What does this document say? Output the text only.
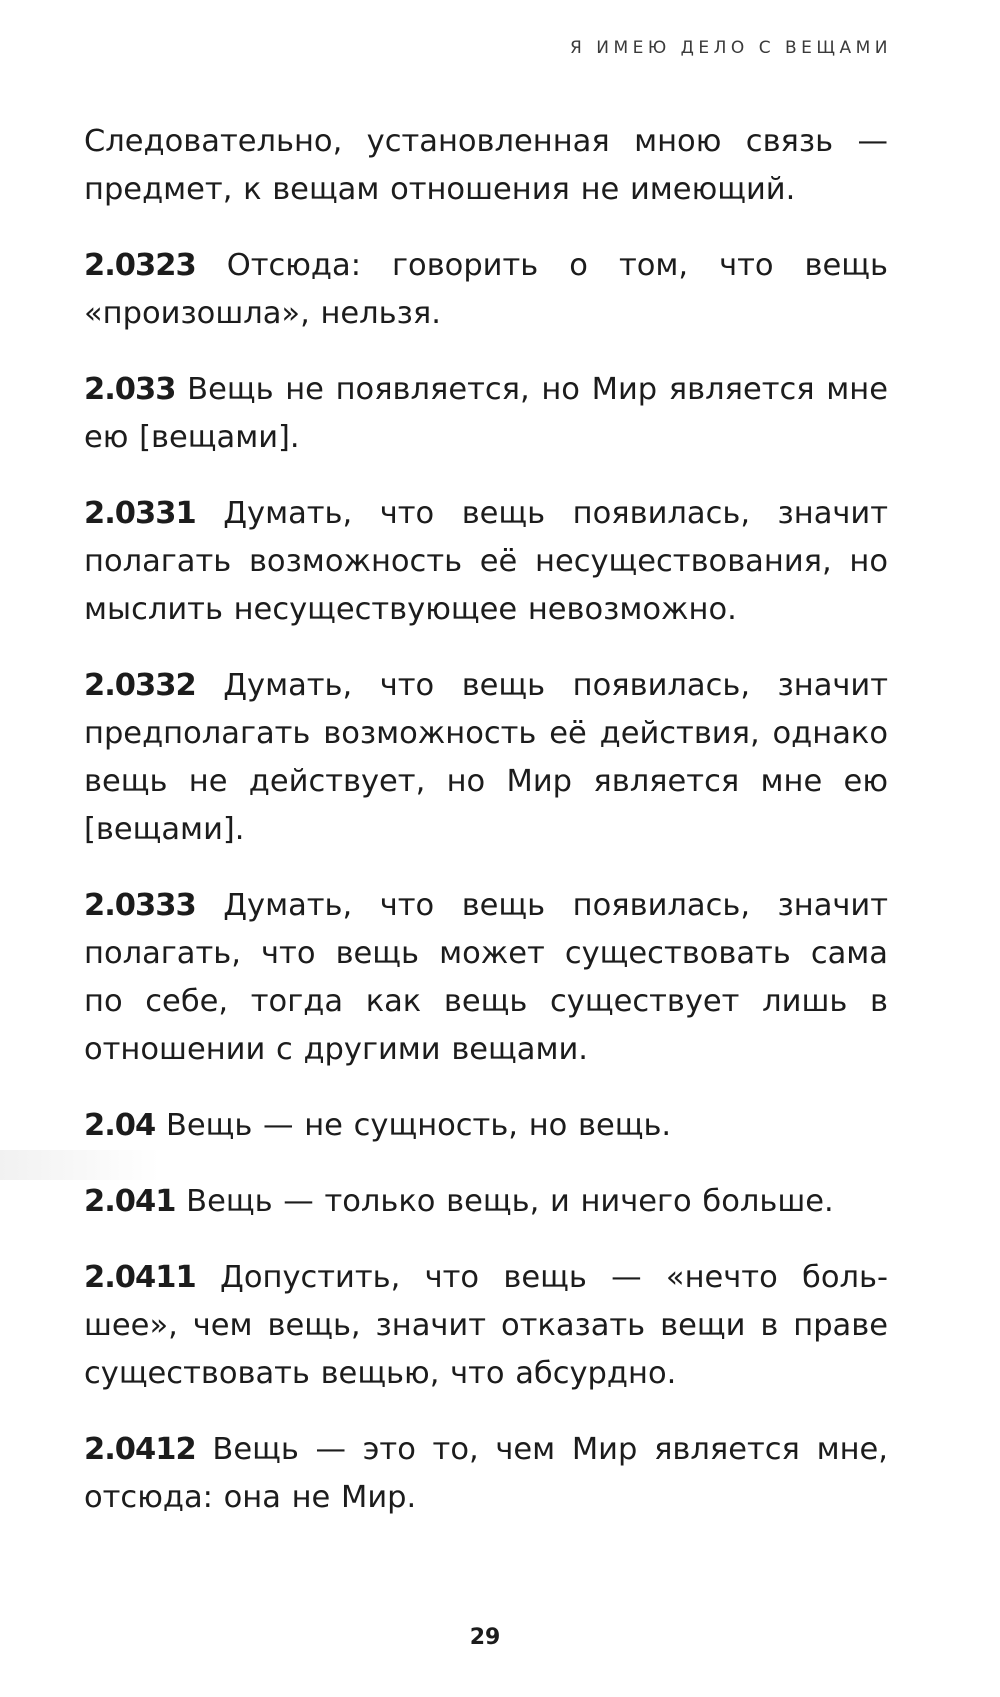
Я ИМЕЮ ДЕЛО С ВЕЩАМИ

Следовательно, установленная мною связь — предмет, к вещам отношения не имеющий.

2.0323 Отсюда: говорить о том, что вещь «произошла», нельзя.

2.033 Вещь не появляется, но Мир является мне ею [вещами].

2.0331 Думать, что вещь появилась, значит полагать возможность её несуществования, но мыслить несуществующее невозможно.

2.0332 Думать, что вещь появилась, значит предполагать возможность её действия, однако вещь не действует, но Мир является мне ею [вещами].

2.0333 Думать, что вещь появилась, значит полагать, что вещь может существовать сама по себе, тогда как вещь существует лишь в отношении с другими вещами.

2.04 Вещь — не сущность, но вещь.

2.041 Вещь — только вещь, и ничего больше.

2.0411 Допустить, что вещь — «нечто большее», чем вещь, значит отказать вещи в праве существовать вещью, что абсурдно.

2.0412 Вещь — это то, чем Мир является мне, отсюда: она не Мир.

29
